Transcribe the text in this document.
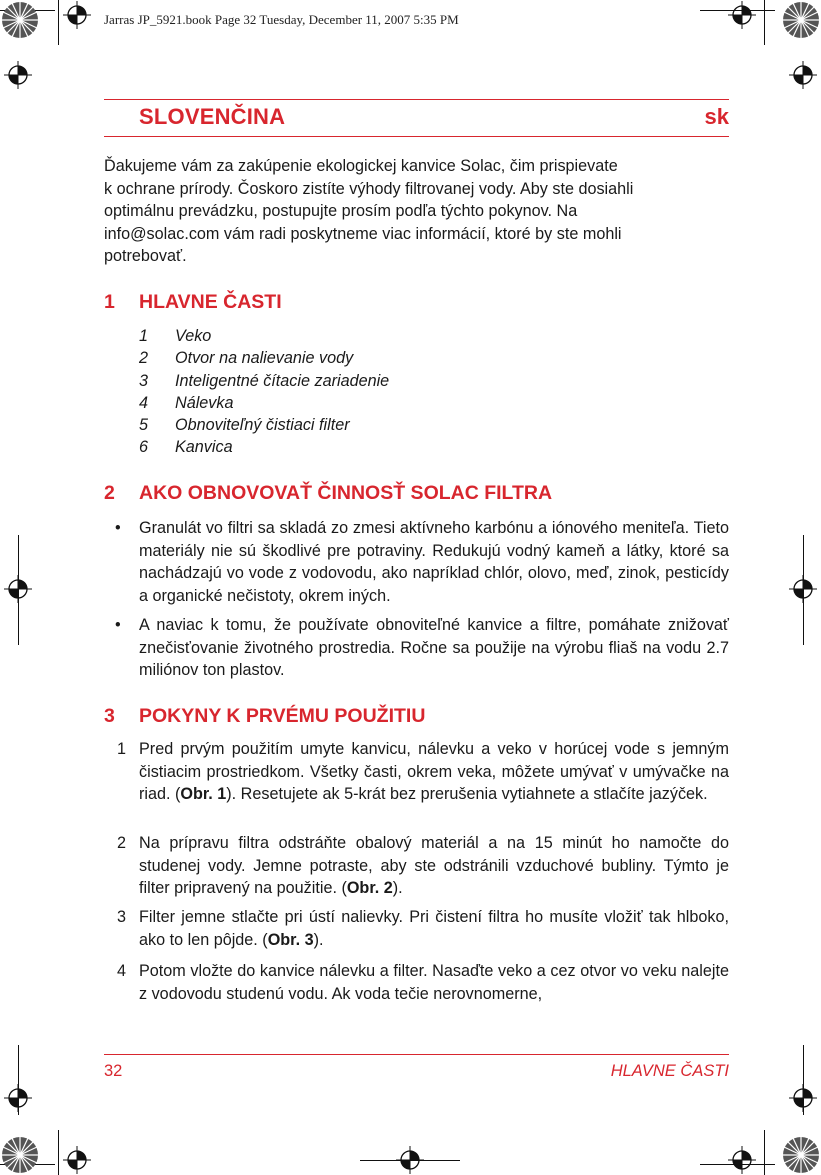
Jarras JP_5921.book Page 32 Tuesday, December 11, 2007 5:35 PM
SLOVENČINA	sk
Ďakujeme vám za zakúpenie ekologickej kanvice Solac, čim prispievate
k ochrane prírody. Čoskoro zistíte výhody filtrovanej vody. Aby ste dosiahli
optimálnu prevádzku, postupujte prosím podľa týchto pokynov. Na
info@solac.com vám radi poskytneme viac informácií, ktoré by ste mohli
potrebovať.
1 HLAVNE ČASTI
1 Veko
2 Otvor na nalievanie vody
3 Inteligentné čítacie zariadenie
4 Nálevka
5 Obnoviteľný čistiaci filter
6 Kanvica
2 AKO OBNOVOVAŤ ČINNOSŤ SOLAC FILTRA
• Granulát vo filtri sa skladá zo zmesi aktívneho karbónu a iónového meniteľa. Tieto materiály nie sú škodlivé pre potraviny. Redukujú vodný kameň a látky, ktoré sa nachádzajú vo vode z vodovodu, ako napríklad chlór, olovo, meď, zinok, pesticídy a organické nečistoty, okrem iných.
• A naviac k tomu, že používate obnoviteľné kanvice a filtre, pomáhate znižovať znečisťovanie životného prostredia. Ročne sa použije na výrobu fliaš na vodu 2.7 miliónov ton plastov.
3 POKYNY K PRVÉMU POUŽITIU
1 Pred prvým použitím umyte kanvicu, nálevku a veko v horúcej vode s jemným čistiacim prostriedkom. Všetky časti, okrem veka, môžete umývať v umývačke na riad. (Obr. 1). Resetujete ak 5-krát bez prerušenia vytiahnete a stlačíte jazýček.
2 Na prípravu filtra odstráňte obalový materiál a na 15 minút ho namočte do studenej vody. Jemne potraste, aby ste odstránili vzduchové bubliny. Týmto je filter pripravený na použitie. (Obr. 2).
3 Filter jemne stlačte pri ústí nalievky. Pri čistení filtra ho musíte vložiť tak hlboko, ako to len pôjde. (Obr. 3).
4 Potom vložte do kanvice nálevku a filter. Nasaďte veko a cez otvor vo veku nalejte z vodovodu studenú vodu. Ak voda tečie nerovnomerne,
32	HLAVNE ČASTI
